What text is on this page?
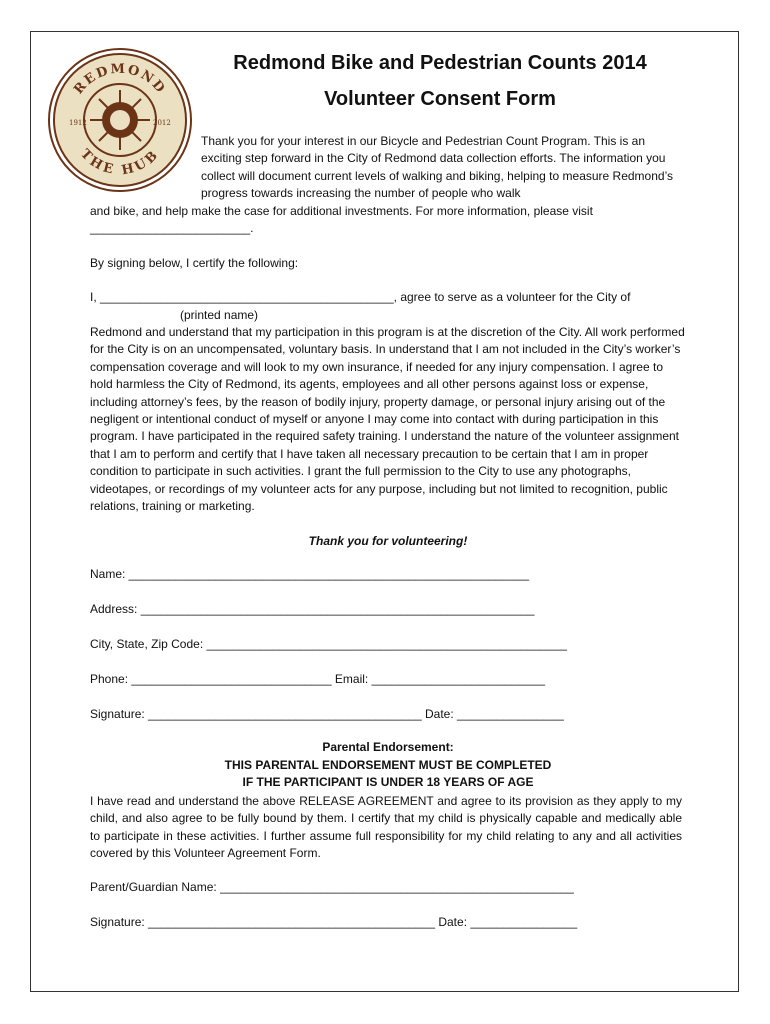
REDMOND
THE HUB
1912	2012
Redmond Bike and Pedestrian Counts 2014
Volunteer Consent Form
Thank you for your interest in our Bicycle and Pedestrian Count Program. This is an exciting step forward in the City of Redmond data collection efforts. The information you collect will document current levels of walking and biking, helping to measure Redmond’s progress towards increasing the number of people who walk
and bike, and help make the case for additional investments. For more information, please visit ________________________.
By signing below, I certify the following:
I, ____________________________________________, agree to serve as a volunteer for the City of
(printed name)
Redmond and understand that my participation in this program is at the discretion of the City. All work performed for the City is on an uncompensated, voluntary basis. In understand that I am not included in the City’s worker’s compensation coverage and will look to my own insurance, if needed for any injury compensation. I agree to hold harmless the City of Redmond, its agents, employees and all other persons against loss or expense, including attorney’s fees, by the reason of bodily injury, property damage, or personal injury arising out of the negligent or intentional conduct of myself or anyone I may come into contact with during participation in this program. I have participated in the required safety training. I understand the nature of the volunteer assignment that I am to perform and certify that I have taken all necessary precaution to be certain that I am in proper condition to participate in such activities. I grant the full permission to the City to use any photographs, videotapes, or recordings of my volunteer acts for any purpose, including but not limited to recognition, public relations, training or marketing.
Thank you for volunteering!
Name: ____________________________________________________________
Address: ___________________________________________________________
City, State, Zip Code: ______________________________________________________
Phone: ______________________________ Email: __________________________
Signature: _________________________________________ Date: ________________
Parental Endorsement:
THIS PARENTAL ENDORSEMENT MUST BE COMPLETED
IF THE PARTICIPANT IS UNDER 18 YEARS OF AGE
I have read and understand the above RELEASE AGREEMENT and agree to its provision as they apply to my child, and also agree to be fully bound by them. I certify that my child is physically capable and medically able to participate in these activities. I further assume full responsibility for my child relating to any and all activities covered by this Volunteer Agreement Form.
Parent/Guardian Name: _____________________________________________________
Signature: ___________________________________________ Date: ________________
